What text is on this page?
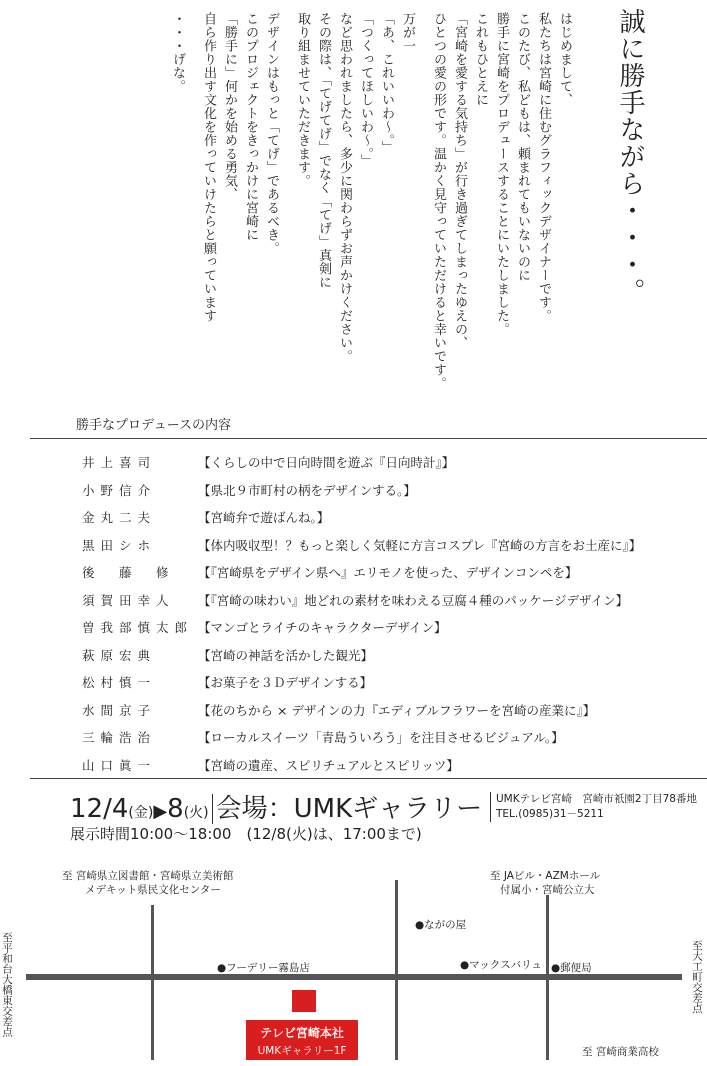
誠に勝手ながら・・・。
はじめまして、
私たちは宮崎に住むグラフィックデザイナーです。
このたび、私どもは、頼まれてもいないのに
勝手に宮崎をプロデュースすることにいたしました。
これもひとえに
「宮崎を愛する気持ち」が行き過ぎてしまったゆえの、
ひとつの愛の形です。温かく見守っていただけると幸いです。
万が一
「あ、これいいわ〜。」
「つくってほしいわ〜。」
など思われましたら、多少に関わらずお声かけください。
その際は、「てげてげ」でなく「てげ」真剣に
取り組ませていただきます。
デザインはもっと「てげ」であるべき。
このプロジェクトをきっかけに宮崎に
「勝手に」何かを始める勇気、
自ら作り出す文化を作っていけたらと願っています
・・・げな。
勝手なプロデュースの内容
井上喜司	【くらしの中で日向時間を遊ぶ『日向時計』】
小野信介	【県北９市町村の柄をデザインする。】
金丸二夫	【宮崎弁で遊ばんね。】
黒田シホ	【体内吸収型！？もっと楽しく気軽に方言コスプレ『宮崎の方言をお土産に』】
後　藤　修 【『宮崎県をデザイン県へ』エリモノを使った、デザインコンペを】
須賀田幸人 【『宮崎の味わい』地どれの素材を味わえる豆腐４種のパッケージデザイン】
曽我部慎太郎 【マンゴとライチのキャラクターデザイン】
萩原宏典	【宮崎の神話を活かした観光】
松村慎一	【お菓子を３Ｄデザインする】
水間京子	【花のちから × デザインの力『エディブルフラワーを宮崎の産業に』】
三輪浩治	【ローカルスイーツ「青島ういろう」を注目させるビジュアル。】
山口眞一	【宮崎の遺産、スピリチュアルとスピリッツ】
12/4(金)▶8(火) 会場：UMKギャラリー UMKテレビ宮崎　宮崎市祇園2丁目78番地
TEL.(0985)31－5211
展示時間10:00〜18:00　(12/8(火)は、17:00まで)
至 宮崎県立図書館・宮崎県立美術館
メデキット県民文化センター
至 JAビル・AZMホール
付属小・宮崎公立大
至平和台大橋東交差点	至大工町交差点
●ながの屋
●フーデリー霧島店	●マックスバリュ ●郵便局
テレビ宮崎本社
UMKギャラリー1F	至 宮崎商業高校
